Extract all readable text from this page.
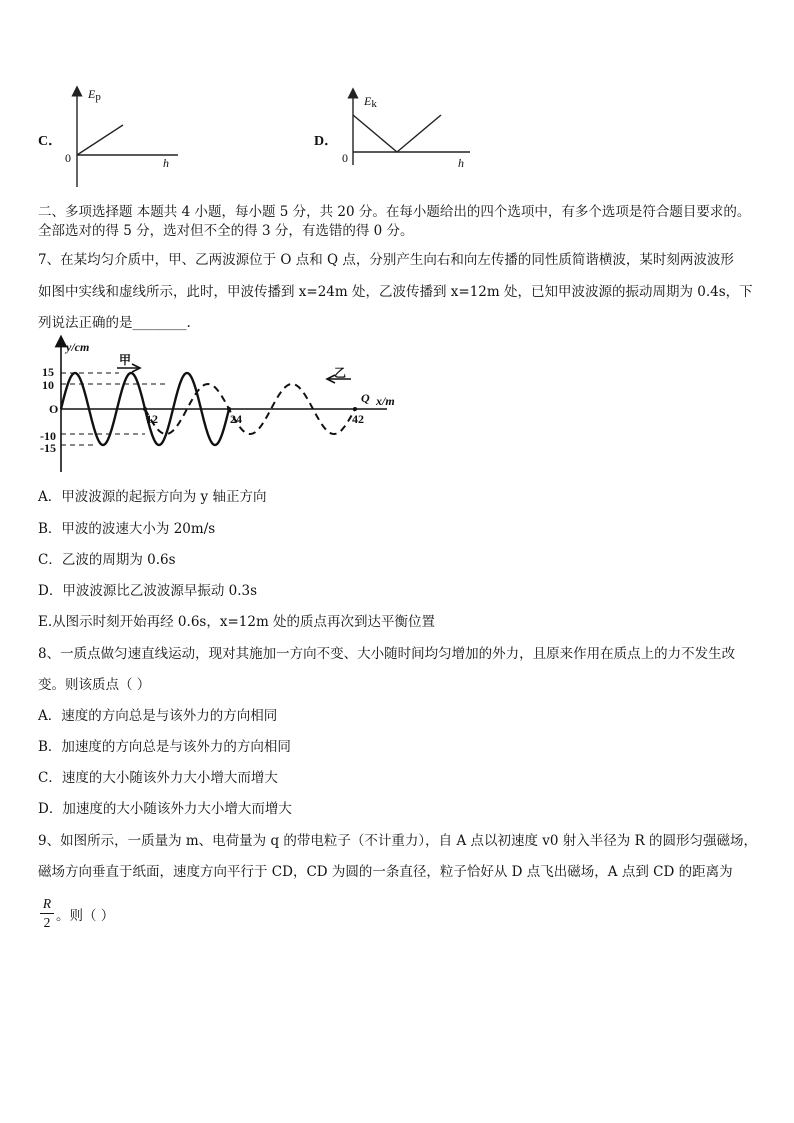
C．
Ep
0	h
D．
Ek
0	h
二、多项选择题 本题共 4 小题，每小题 5 分，共 20 分。在每小题给出的四个选项中，有多个选项是符合题目要求的。
全部选对的得 5 分，选对但不全的得 3 分，有选错的得 0 分。
7、在某均匀介质中，甲、乙两波源位于 O 点和 Q 点，分别产生向右和向左传播的同性质简谐横波，某时刻两波波形
如图中实线和虚线所示，此时，甲波传播到 x=24m 处，乙波传播到 x=12m 处，已知甲波波源的振动周期为 0.4s，下
列说法正确的是________.
y/cm
甲
乙
15
10
O
-10
-15
12	24	42
Q x/m
A．甲波波源的起振方向为 y 轴正方向
B．甲波的波速大小为 20m/s
C．乙波的周期为 0.6s
D．甲波波源比乙波波源早振动 0.3s
E.从图示时刻开始再经 0.6s，x=12m 处的质点再次到达平衡位置
8、一质点做匀速直线运动，现对其施加一方向不变、大小随时间均匀增加的外力，且原来作用在质点上的力不发生改
变。则该质点（ ）
A．速度的方向总是与该外力的方向相同
B．加速度的方向总是与该外力的方向相同
C．速度的大小随该外力大小增大而增大
D．加速度的大小随该外力大小增大而增大
9、如图所示，一质量为 m、电荷量为 q 的带电粒子（不计重力），自 A 点以初速度 v0 射入半径为 R 的圆形匀强磁场，
磁场方向垂直于纸面，速度方向平行于 CD，CD 为圆的一条直径，粒子恰好从 D 点飞出磁场，A 点到 CD 的距离为
R
2 。则（ ）
